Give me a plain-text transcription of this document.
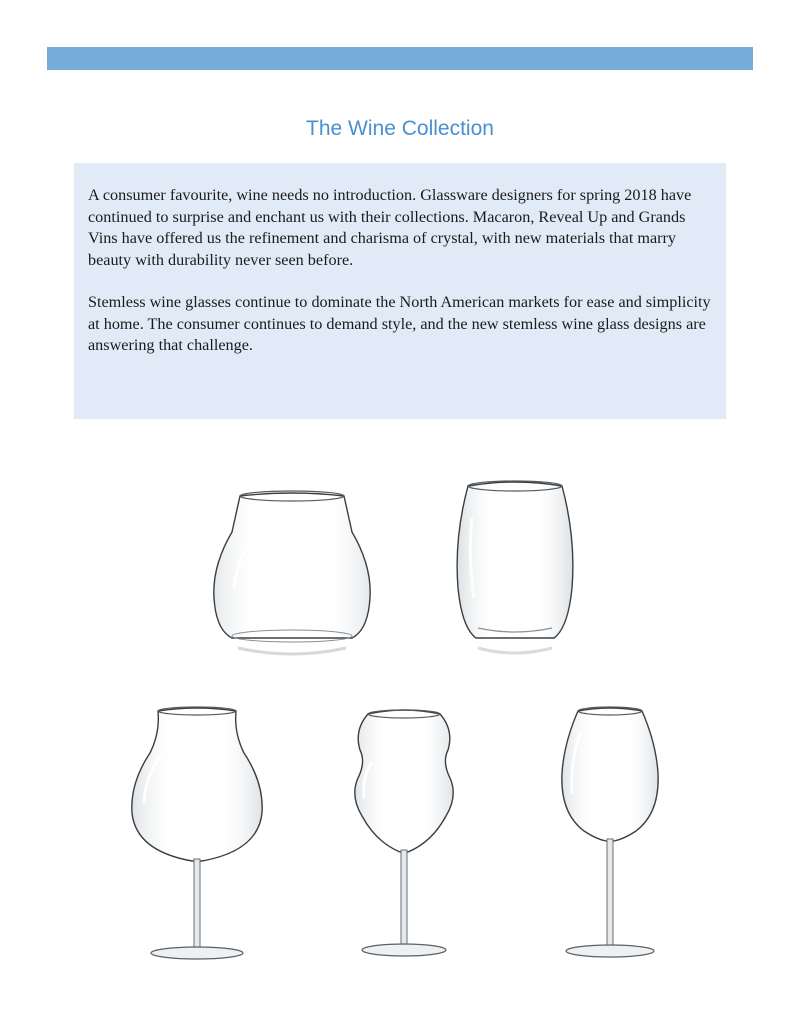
The Wine Collection

A consumer favourite, wine needs no introduction. Glassware designers for spring 2018 have continued to surprise and enchant us with their collections. Macaron, Reveal Up and Grands Vins have offered us the refinement and charisma of crystal, with new materials that marry beauty with durability never seen before.

Stemless wine glasses continue to dominate the North American markets for ease and simplicity at home. The consumer continues to demand style, and the new stemless wine glass designs are answering that challenge.
